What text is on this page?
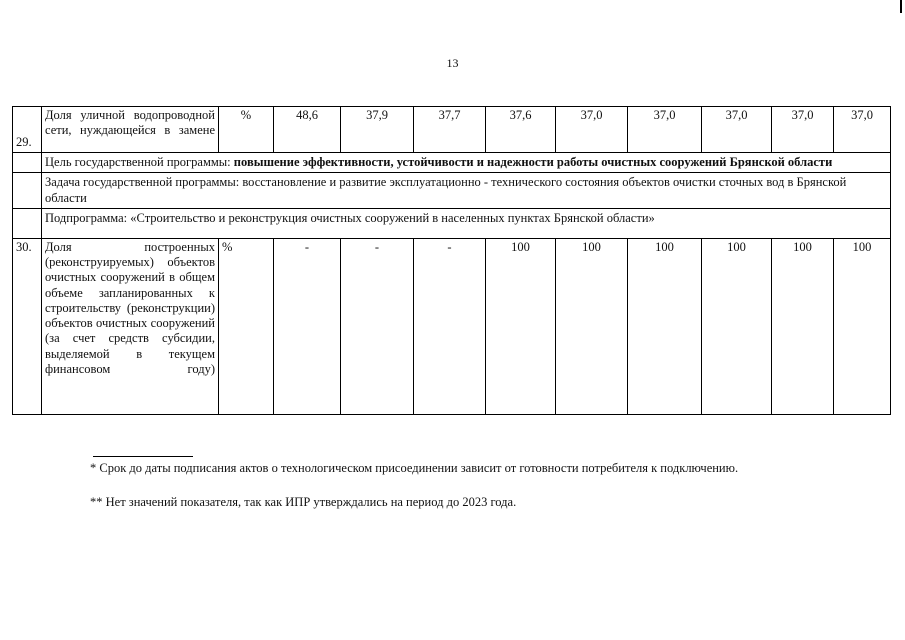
13
29.	Доля уличной водопроводной сети, нуждающейся в замене	%	48,6	37,9	37,7	37,6	37,0	37,0	37,0	37,0	37,0
	Цель государственной программы: повышение эффективности, устойчивости и надежности работы очистных сооружений Брянской области										
	Задача государственной программы: восстановление и развитие эксплуатационно - технического состояния объектов очистки сточных вод в Брянской области										
	Подпрограмма: «Строительство и реконструкция очистных сооружений в населенных пунктах Брянской области»										
30.	Доля построенных (реконструируемых) объектов очистных сооружений в общем объеме запланированных к строительству (реконструкции) объектов очистных сооружений (за счет средств субсидии, выделяемой в текущем финансовом году)	%	-	-	-	100	100	100	100	100	100
* Срок до даты подписания актов о технологическом присоединении зависит от готовности потребителя к подключению.
** Нет значений показателя, так как ИПР утверждались на период до 2023 года.
